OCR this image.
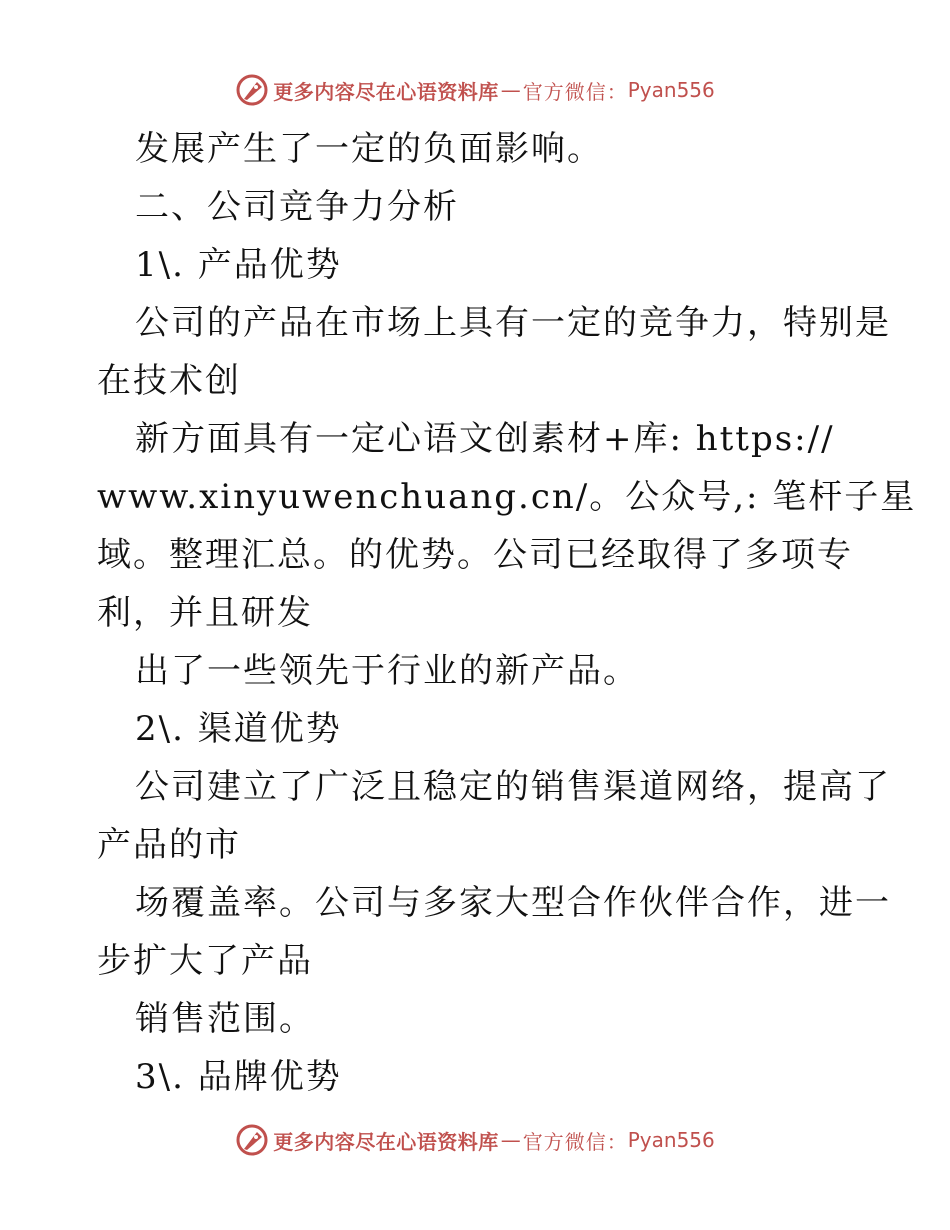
更多内容尽在心语资料库 — 官方微信： Pyan556

发展产生了一定的负面影响。

二、公司竞争力分析

1\. 产品优势

公司的产品在市场上具有一定的竞争力，特别是

在技术创

新方面具有一定心语文创素材+库: https://

www.xinyuwenchuang.cn/。公众号,: 笔杆子星

域。整理汇总。的优势。公司已经取得了多项专

利，并且研发

出了一些领先于行业的新产品。

2\. 渠道优势

公司建立了广泛且稳定的销售渠道网络，提高了

产品的市

场覆盖率。公司与多家大型合作伙伴合作，进一

步扩大了产品

销售范围。

3\. 品牌优势

更多内容尽在心语资料库 — 官方微信： Pyan556
